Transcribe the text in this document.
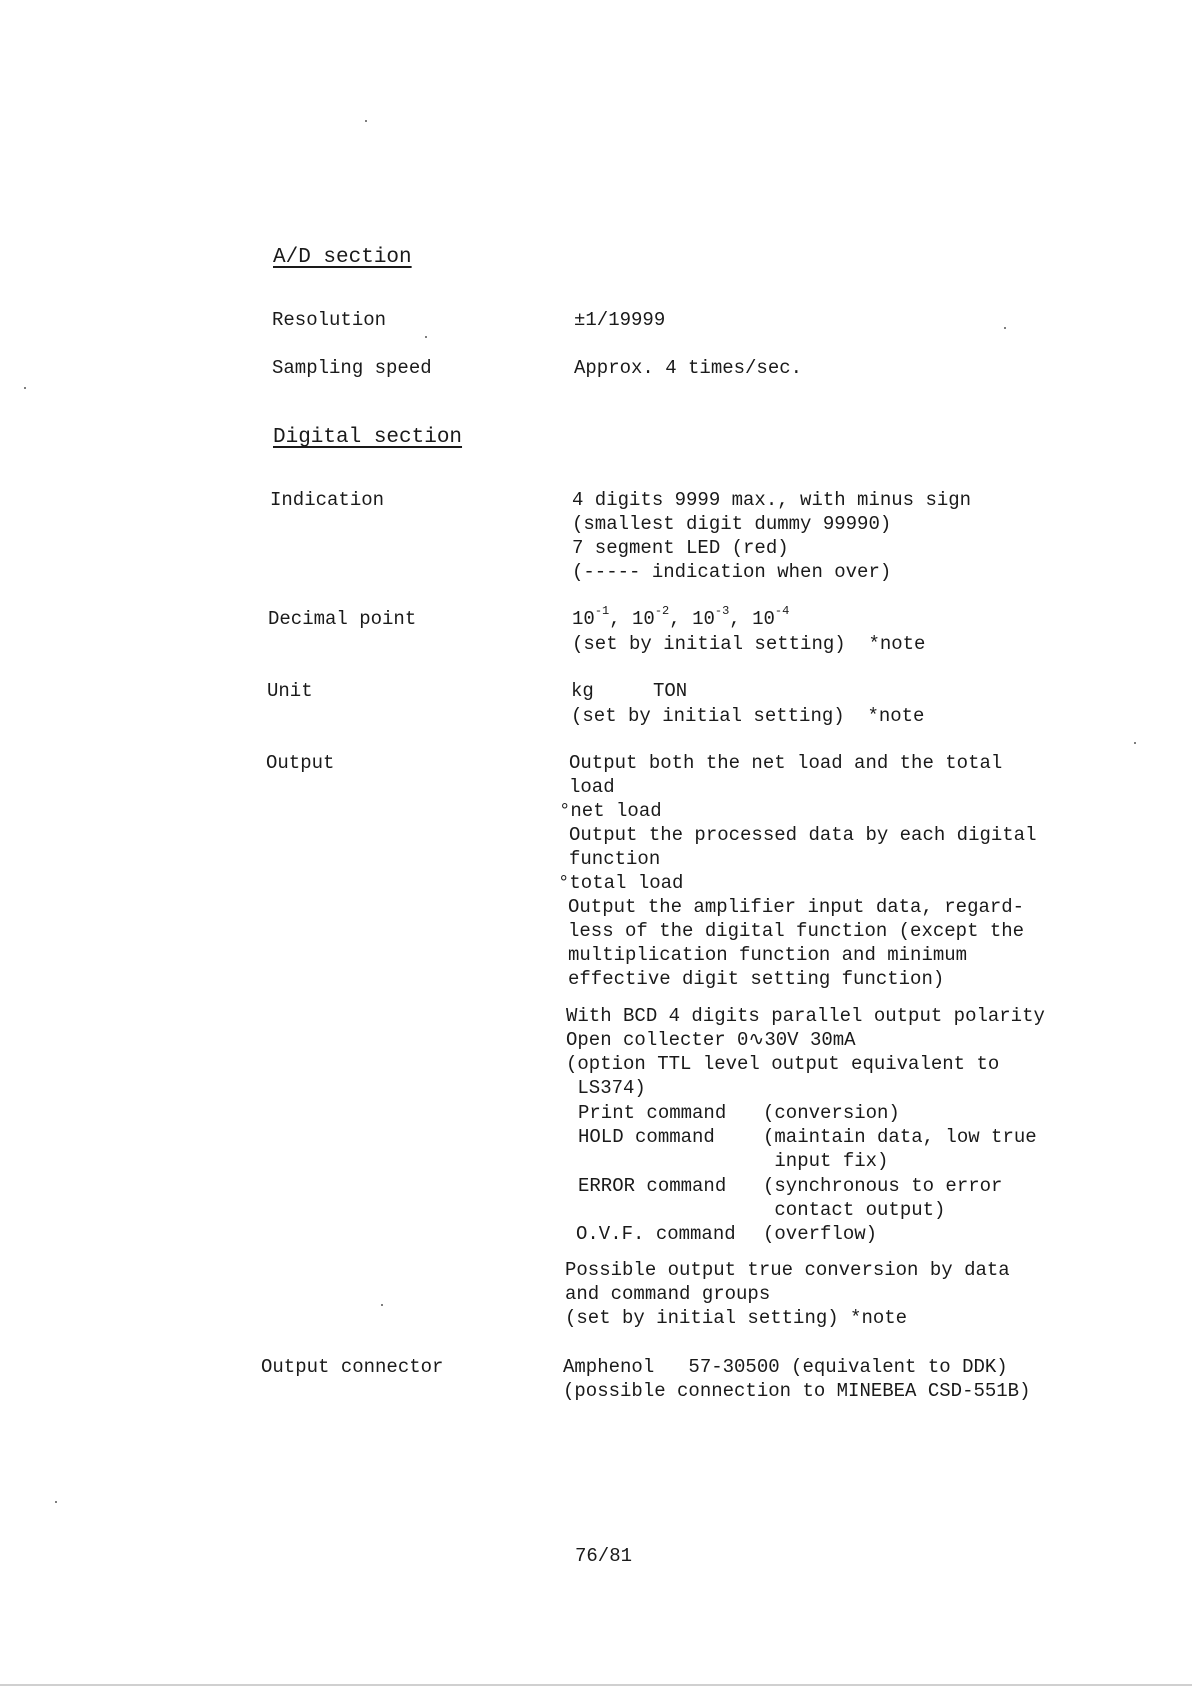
A/D section
Resolution	±1/19999
Sampling speed	Approx. 4 times/sec.
Digital section
Indication	4 digits 9999 max., with minus sign
(smallest digit dummy 99990)
7 segment LED (red)
(----- indication when over)
Decimal point	$10^{-1}$, $10^{-2}$, $10^{-3}$, $10^{-4}$
(set by initial setting)  *note
Unit	kg	TON
(set by initial setting)  *note
Output	Output both the net load and the total
load
°net load
Output the processed data by each digital
function
°total load
Output the amplifier input data, regard-
less of the digital function (except the
multiplication function and minimum
effective digit setting function)
With BCD 4 digits parallel output polarity
Open collecter 0∿30V 30mA
(option TTL level output equivalent to
LS374)
Print command (conversion)
HOLD command	(maintain data, low true
input fix)
ERROR command (synchronous to error
contact output)
O.V.F. command (overflow)
Possible output true conversion by data
and command groups
(set by initial setting) *note
Output connector	Amphenol   57-30500 (equivalent to DDK)
(possible connection to MINEBEA CSD-551B)
76/81
